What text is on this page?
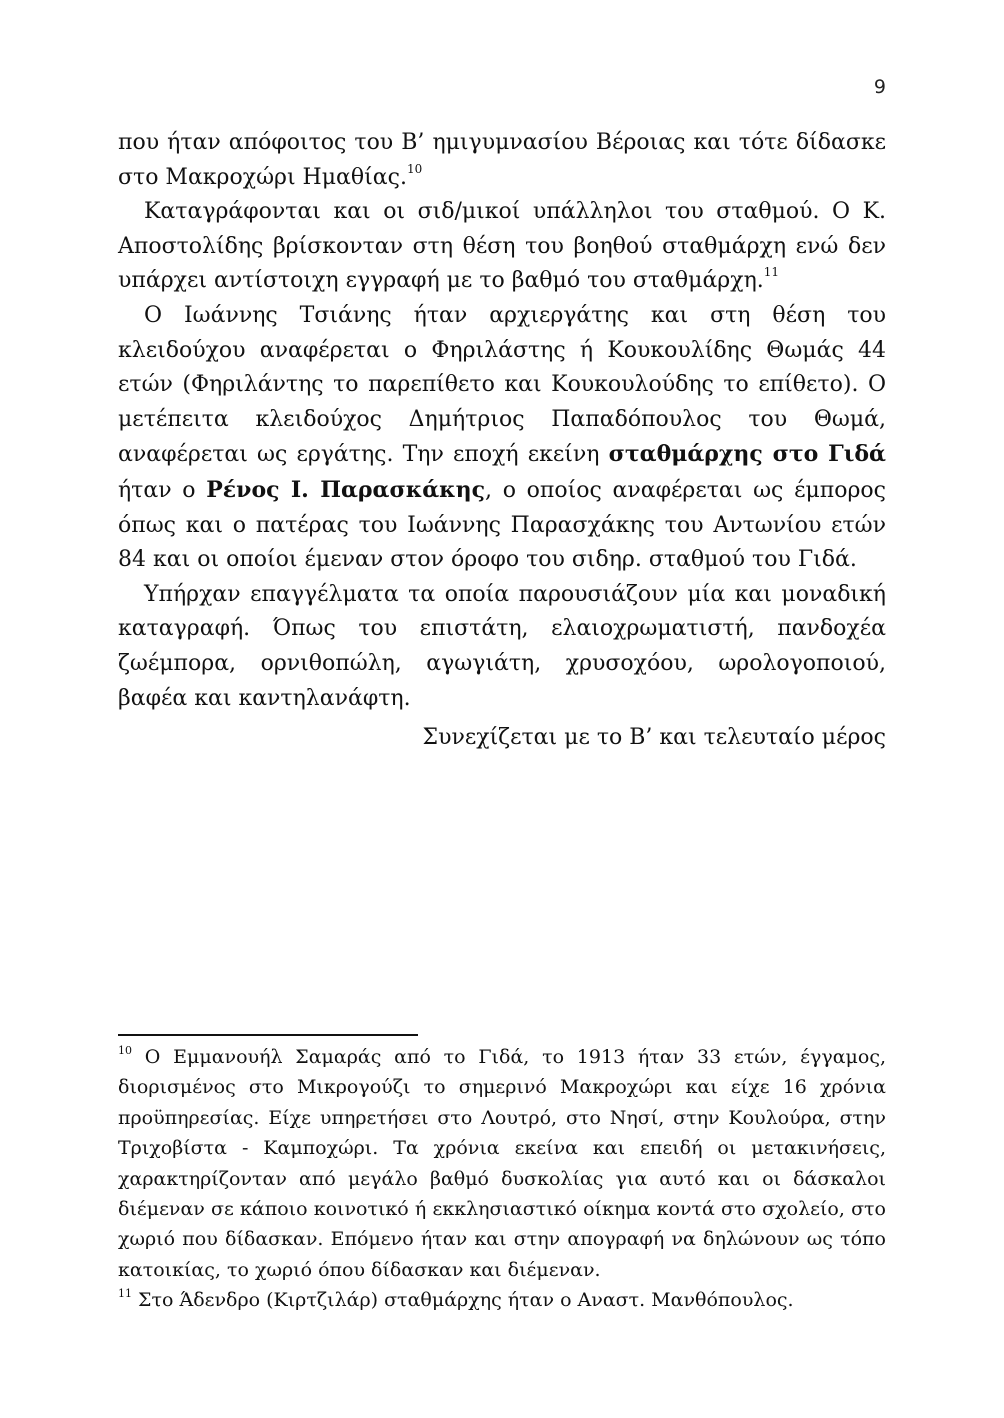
9

που ήταν απόφοιτος του Β’ ημιγυμνασίου Βέροιας και τότε δίδασκε στο Μακροχώρι Ημαθίας.$^{10}$

Καταγράφονται και οι σιδ/μικοί υπάλληλοι του σταθμού. Ο Κ. Αποστολίδης βρίσκονταν στη θέση του βοηθού σταθμάρχη ενώ δεν υπάρχει αντίστοιχη εγγραφή με το βαθμό του σταθμάρχη.$^{11}$

Ο Ιωάννης Τσιάνης ήταν αρχιεργάτης και στη θέση του κλειδούχου αναφέρεται ο Φηριλάστης ή Κουκουλίδης Θωμάς 44 ετών (Φηριλάντης το παρεπίθετο και Κουκουλούδης το επίθετο). Ο μετέπειτα κλειδούχος Δημήτριος Παπαδόπουλος του Θωμά, αναφέρεται ως εργάτης. Την εποχή εκείνη σταθμάρχης στο Γιδά ήταν ο Ρένος Ι. Παρασκάκης, ο οποίος αναφέρεται ως έμπορος όπως και ο πατέρας του Ιωάννης Παρασχάκης του Αντωνίου ετών 84 και οι οποίοι έμεναν στον όροφο του σιδηρ. σταθμού του Γιδά.

Υπήρχαν επαγγέλματα τα οποία παρουσιάζουν μία και μοναδική καταγραφή. Όπως του επιστάτη, ελαιοχρωματιστή, πανδοχέα ζωέμπορα, ορνιθοπώλη, αγωγιάτη, χρυσοχόου, ωρολογοποιού, βαφέα και καντηλανάφτη.

Συνεχίζεται με το Β’ και τελευταίο μέρος

$^{10}$ Ο Εμμανουήλ Σαμαράς από το Γιδά, το 1913 ήταν 33 ετών, έγγαμος, διορισμένος στο Μικρογούζι το σημερινό Μακροχώρι και είχε 16 χρόνια προϋπηρεσίας. Είχε υπηρετήσει στο Λουτρό, στο Νησί, στην Κουλούρα, στην Τριχοβίστα - Καμποχώρι. Τα χρόνια εκείνα και επειδή οι μετακινήσεις, χαρακτηρίζονταν από μεγάλο βαθμό δυσκολίας για αυτό και οι δάσκαλοι διέμεναν σε κάποιο κοινοτικό ή εκκλησιαστικό οίκημα κοντά στο σχολείο, στο χωριό που δίδασκαν. Επόμενο ήταν και στην απογραφή να δηλώνουν ως τόπο κατοικίας, το χωριό όπου δίδασκαν και διέμεναν.

$^{11}$ Στο Άδενδρο (Κιρτζιλάρ) σταθμάρχης ήταν ο Αναστ. Μανθόπουλος.
